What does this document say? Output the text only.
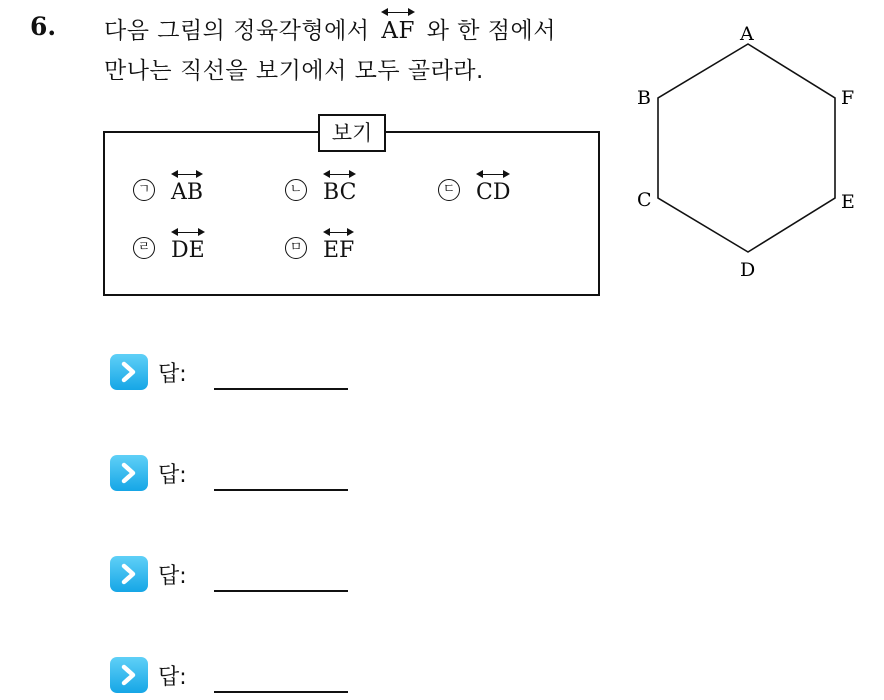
6. 다음 그림의 정육각형에서 AF 와 한 점에서
만나는 직선을 보기에서 모두 골라라.
보기
ㄱ AB	ㄴ BC	ㄷ CD
ㄹ DE	ㅁ EF
A
B
C
D
E
F
답:
답:
답:
답:
